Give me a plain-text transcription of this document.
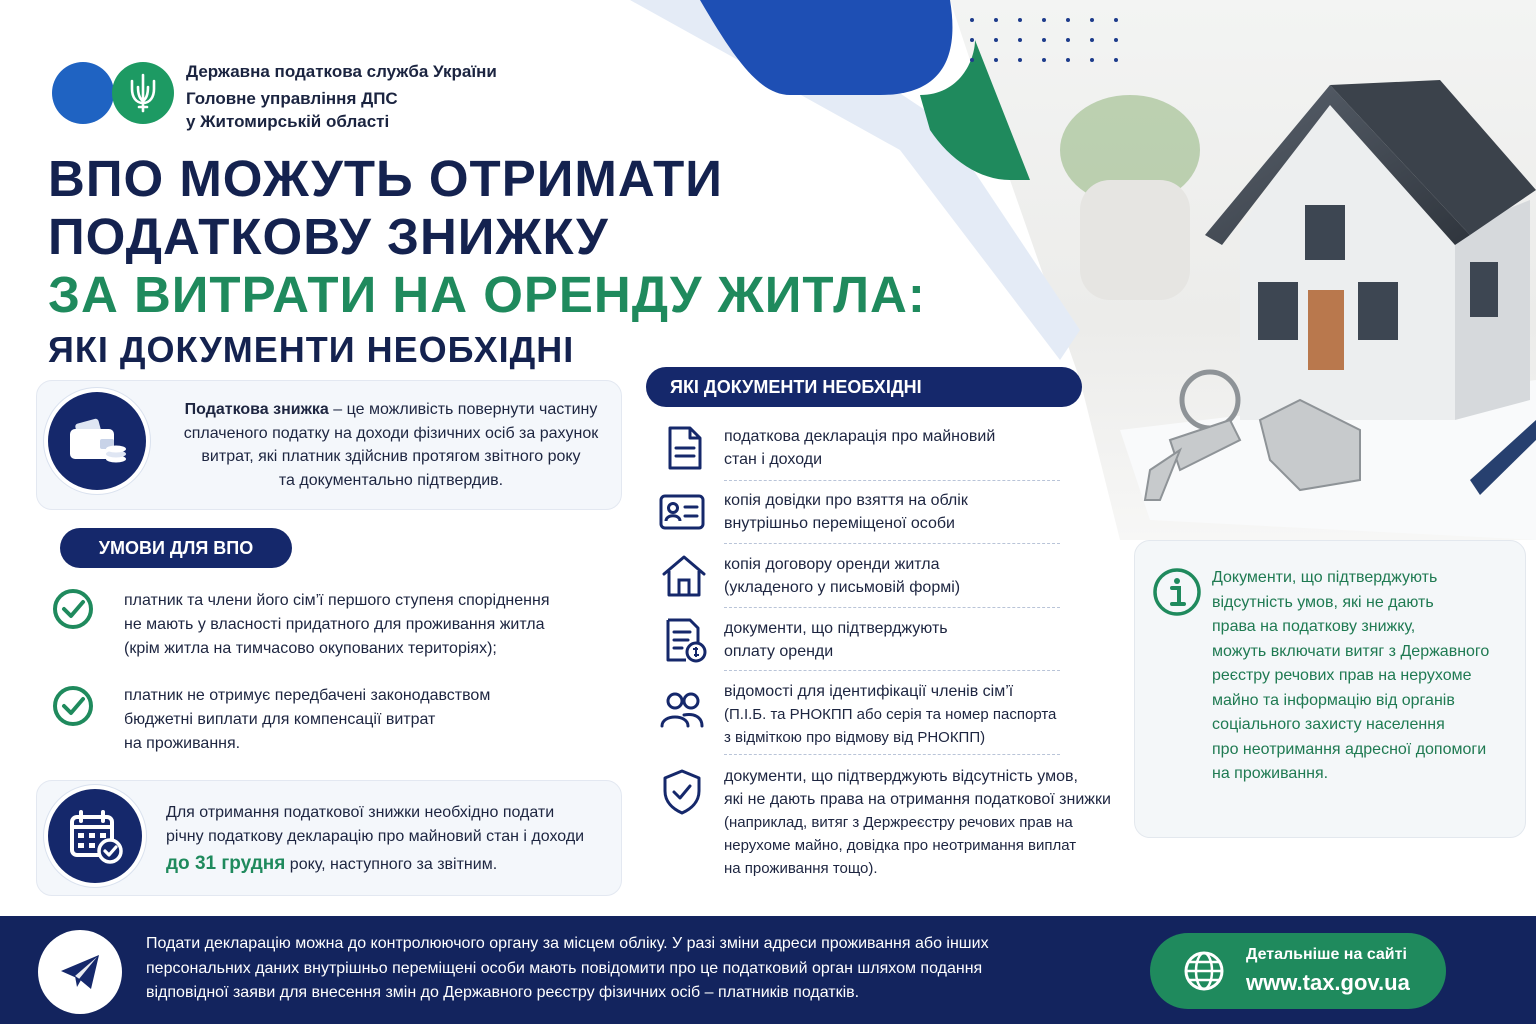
Державна податкова служба України
Головне управління ДПС
у Житомирській області
ВПО МОЖУТЬ ОТРИМАТИ
ПОДАТКОВУ ЗНИЖКУ
ЗА ВИТРАТИ НА ОРЕНДУ ЖИТЛА:
ЯКІ ДОКУМЕНТИ НЕОБХІДНІ
Податкова знижка – це можливість повернути частину
сплаченого податку на доходи фізичних осіб за рахунок
витрат, які платник здійснив протягом звітного року
та документально підтвердив.
УМОВИ ДЛЯ ВПО
платник та члени його сім’ї першого ступеня споріднення
не мають у власності придатного для проживання житла
(крім житла на тимчасово окупованих територіях);
платник не отримує передбачені законодавством
бюджетні виплати для компенсації витрат
на проживання.
Для отримання податкової знижки необхідно подати
річну податкову декларацію про майновий стан і доходи
до 31 грудня року, наступного за звітним.
ЯКІ ДОКУМЕНТИ НЕОБХІДНІ
податкова декларація про майновий
стан і доходи
копія довідки про взяття на облік
внутрішньо переміщеної особи
копія договору оренди житла
(укладеного у письмовій формі)
документи, що підтверджують
оплату оренди
відомості для ідентифікації членів сім’ї
(П.І.Б. та РНОКПП або серія та номер паспорта
з відміткою про відмову від РНОКПП)
документи, що підтверджують відсутність умов,
які не дають права на отримання податкової знижки
(наприклад, витяг з Держреєстру речових прав на
нерухоме майно, довідка про неотримання виплат
на проживання тощо).
Документи, що підтверджують
відсутність умов, які не дають
права на податкову знижку,
можуть включати витяг з Державного
реєстру речових прав на нерухоме
майно та інформацію від органів
соціального захисту населення
про неотримання адресної допомоги
на проживання.
Подати декларацію можна до контролюючого органу за місцем обліку. У разі зміни адреси проживання або інших
персональних даних внутрішньо переміщені особи мають повідомити про це податковий орган шляхом подання
відповідної заяви для внесення змін до Державного реєстру фізичних осіб – платників податків.
Детальніше на сайті
www.tax.gov.ua
